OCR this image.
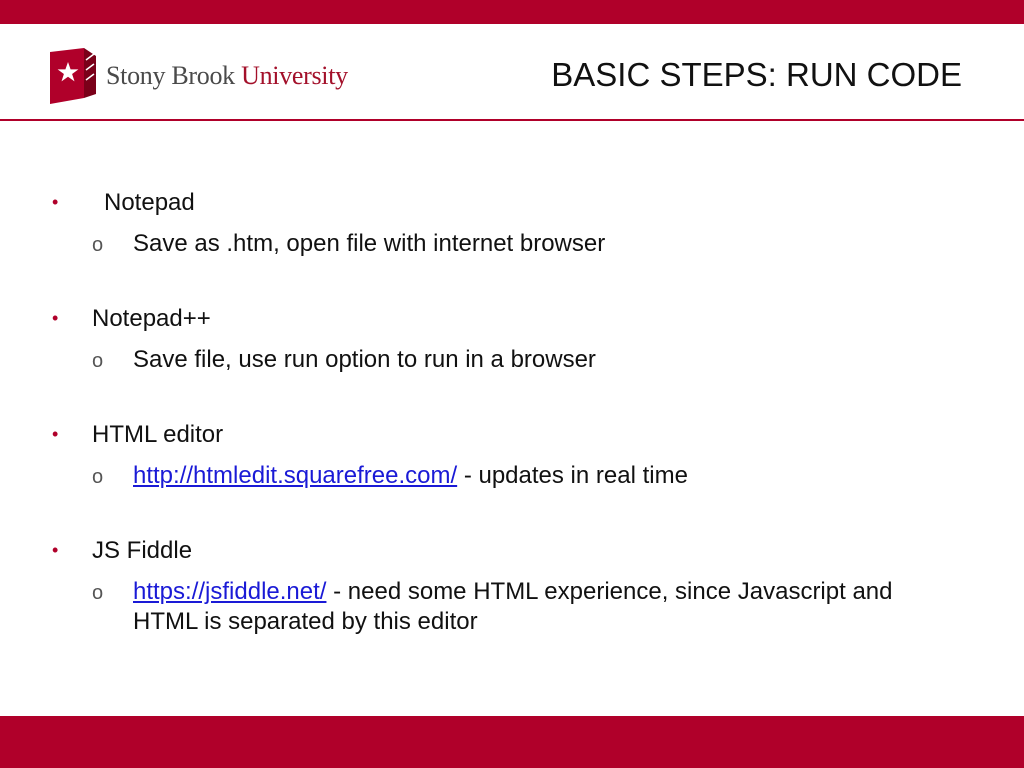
Stony Brook University	BASIC STEPS: RUN CODE
• Notepad
o Save as .htm, open file with internet browser
• Notepad++
o Save file, use run option to run in a browser
• HTML editor
o http://htmledit.squarefree.com/ - updates in real time
• JS Fiddle
o https://jsfiddle.net/ - need some HTML experience, since Javascript and HTML is separated by this editor
